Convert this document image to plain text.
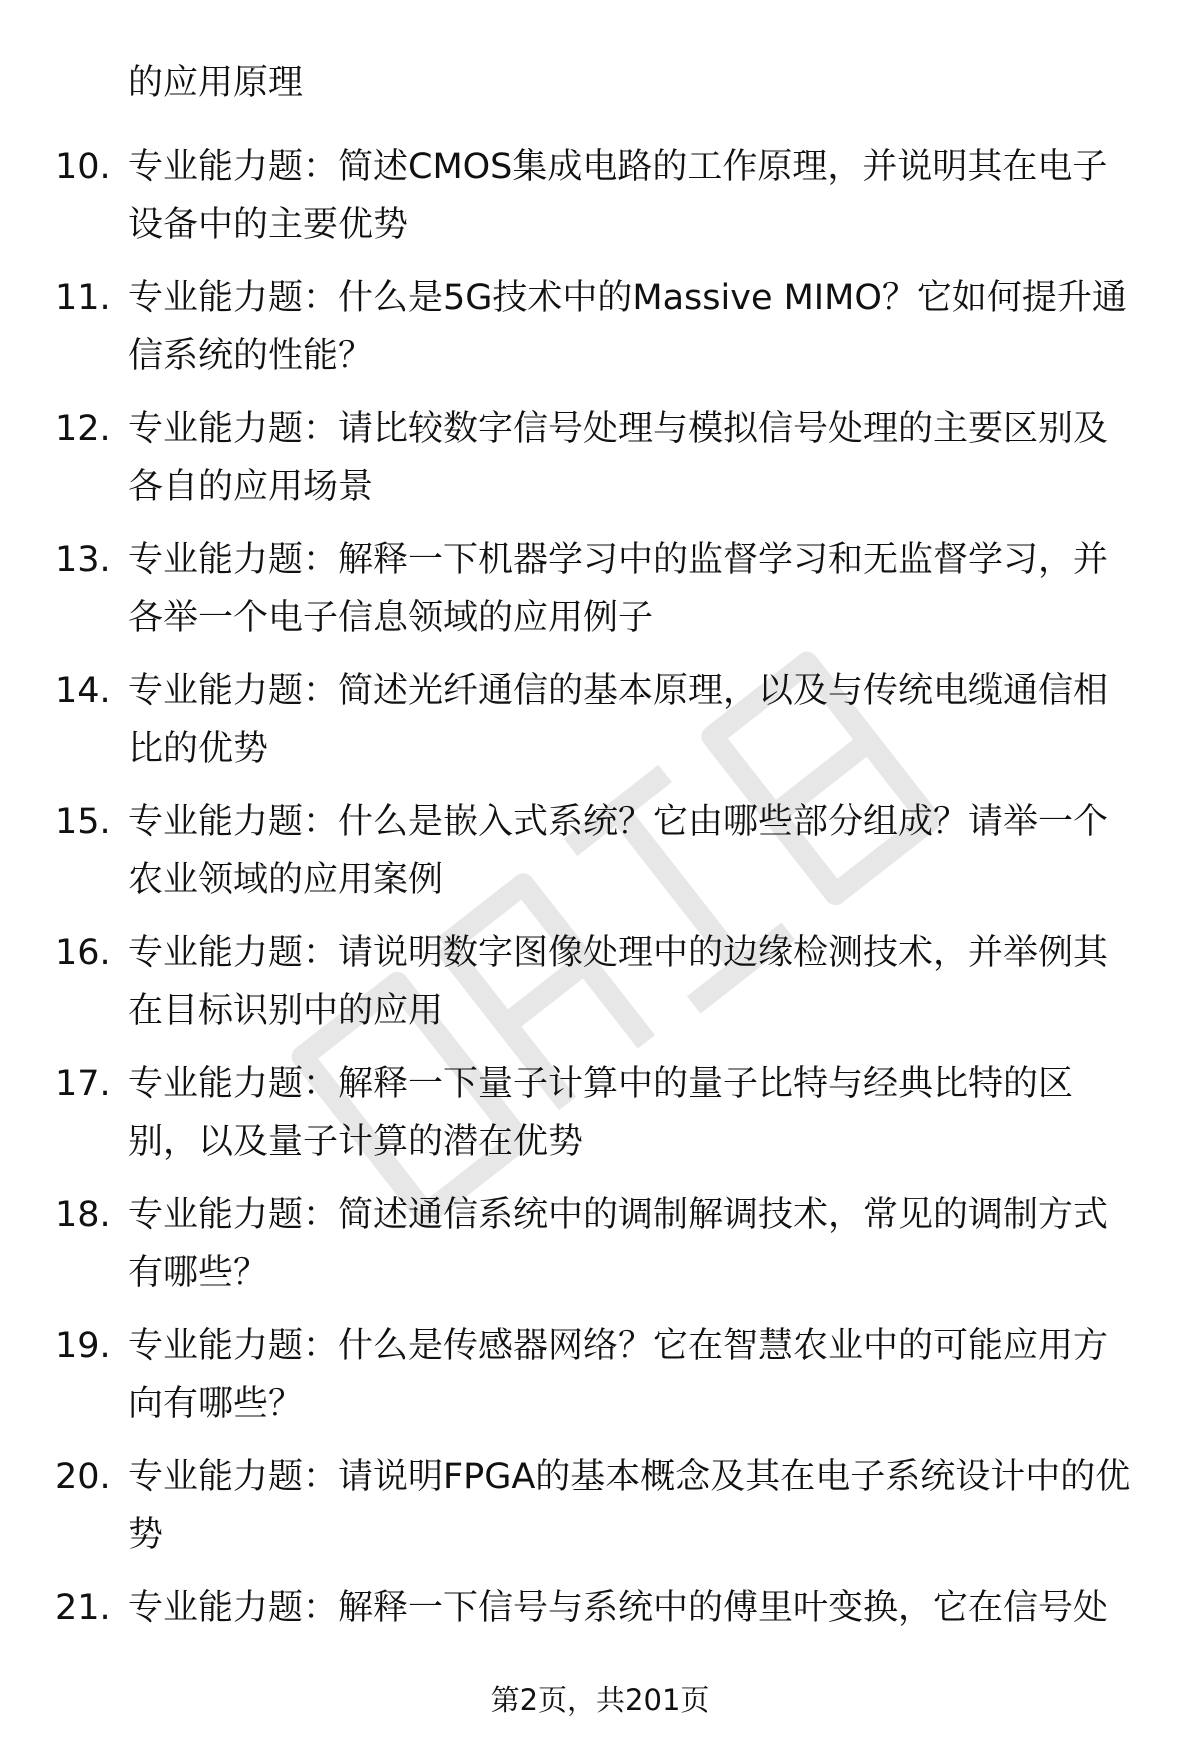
的应用原理
10. 专业能力题：简述CMOS集成电路的工作原理，并说明其在电子
设备中的主要优势
11. 专业能力题：什么是5G技术中的Massive MIMO？它如何提升通
信系统的性能？
12. 专业能力题：请比较数字信号处理与模拟信号处理的主要区别及
各自的应用场景
13. 专业能力题：解释一下机器学习中的监督学习和无监督学习，并
各举一个电子信息领域的应用例子
14. 专业能力题：简述光纤通信的基本原理，以及与传统电缆通信相
比的优势
15. 专业能力题：什么是嵌入式系统？它由哪些部分组成？请举一个
农业领域的应用案例
16. 专业能力题：请说明数字图像处理中的边缘检测技术，并举例其
在目标识别中的应用
17. 专业能力题：解释一下量子计算中的量子比特与经典比特的区
别，以及量子计算的潜在优势
18. 专业能力题：简述通信系统中的调制解调技术，常见的调制方式
有哪些？
19. 专业能力题：什么是传感器网络？它在智慧农业中的可能应用方
向有哪些？
20. 专业能力题：请说明FPGA的基本概念及其在电子系统设计中的优
势
21. 专业能力题：解释一下信号与系统中的傅里叶变换，它在信号处
第2页，共201页
